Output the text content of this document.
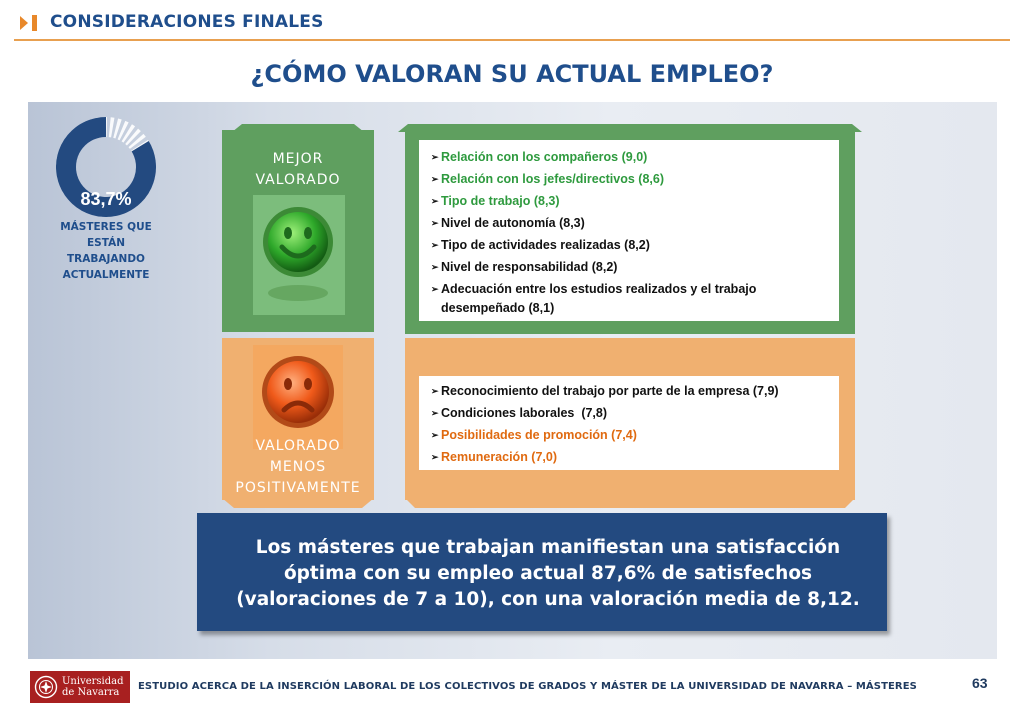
CONSIDERACIONES FINALES
¿CÓMO VALORAN SU ACTUAL EMPLEO?
83,7%
MÁSTERES QUE ESTÁN
TRABAJANDO
ACTUALMENTE
MEJOR
VALORADO
➢ Relación con los compañeros (9,0)
➢ Relación con los jefes/directivos (8,6)
➢ Tipo de trabajo (8,3)
➢ Nivel de autonomía (8,3)
➢ Tipo de actividades realizadas (8,2)
➢ Nivel de responsabilidad (8,2)
➢ Adecuación entre los estudios realizados y el trabajo desempeñado (8,1)
VALORADO
MENOS
POSITIVAMENTE
➢ Reconocimiento del trabajo por parte de la empresa (7,9)
➢ Condiciones laborales  (7,8)
➢ Posibilidades de promoción (7,4)
➢ Remuneración (7,0)
Los másteres que trabajan manifiestan una satisfacción óptima con su empleo actual 87,6% de satisfechos (valoraciones de 7 a 10), con una valoración media de 8,12.
Universidad
de Navarra
ESTUDIO ACERCA DE LA INSERCIÓN LABORAL DE LOS COLECTIVOS DE GRADOS Y MÁSTER DE LA UNIVERSIDAD DE NAVARRA – MÁSTERES	63
